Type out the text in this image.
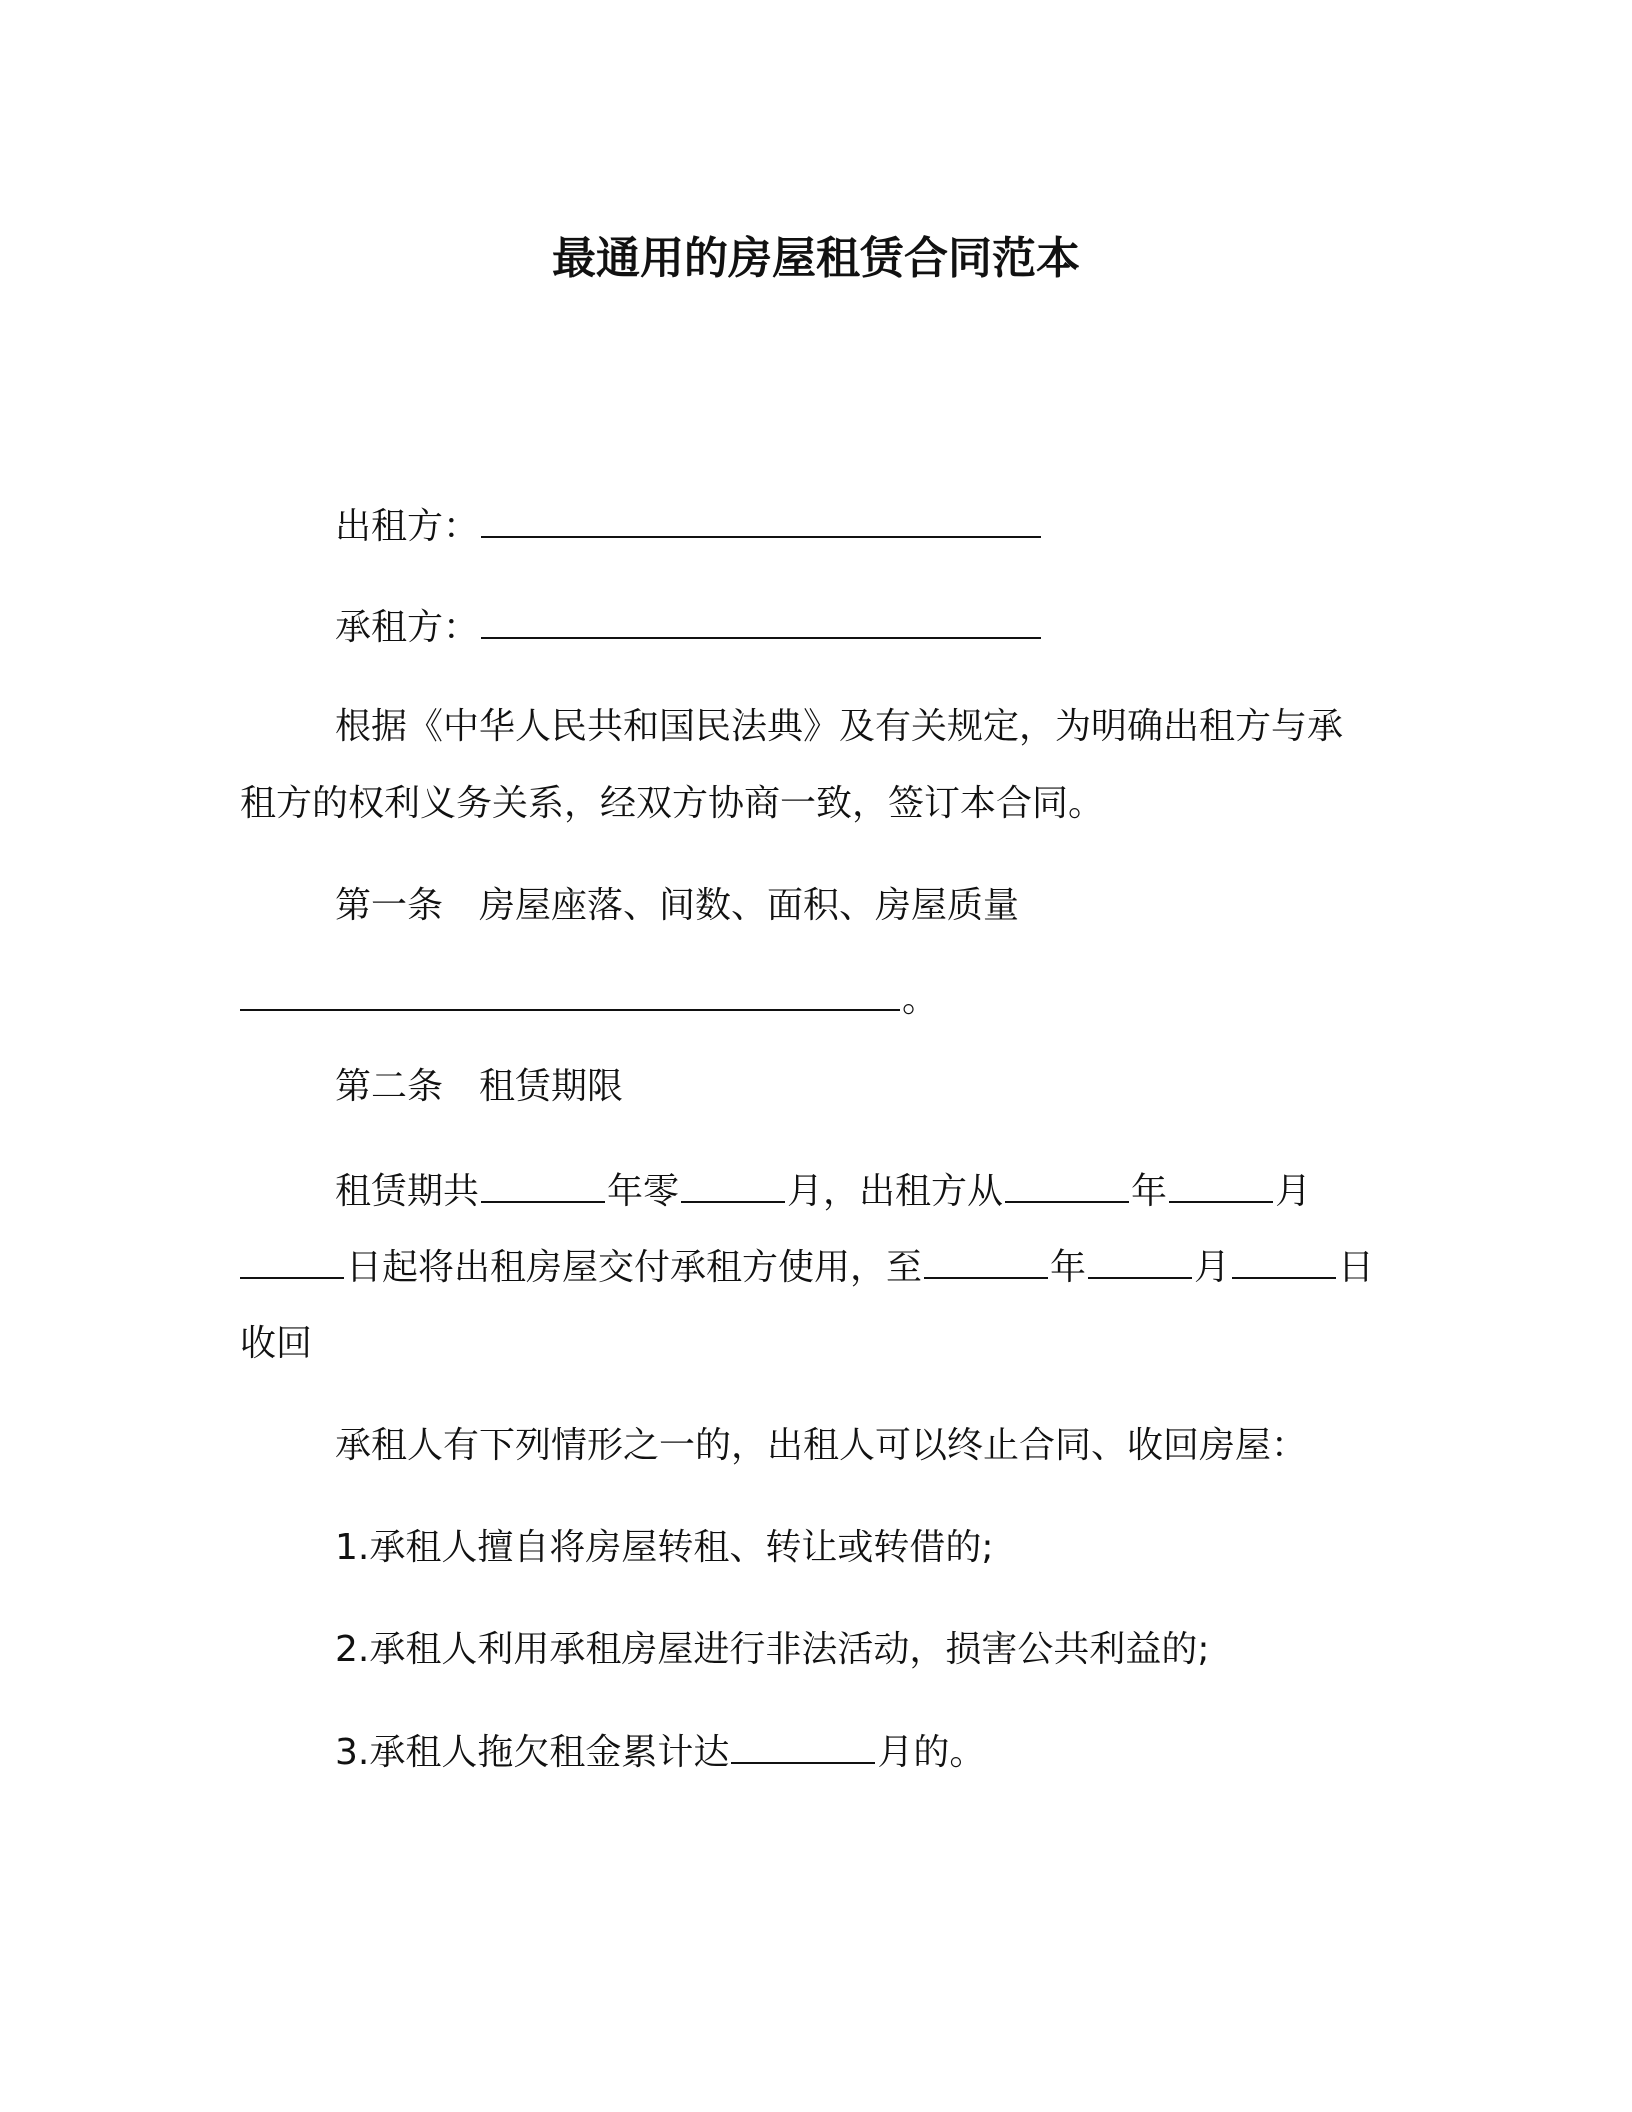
最通用的房屋租赁合同范本
出租方：
承租方：
根据《中华人民共和国民法典》及有关规定，为明确出租方与承
租方的权利义务关系，经双方协商一致，签订本合同。
第一条　房屋座落、间数、面积、房屋质量
。
第二条　租赁期限
租赁期共	年零	月，出租方从	年	月
日起将出租房屋交付承租方使用，至	年	月	日
收回
承租人有下列情形之一的，出租人可以终止合同、收回房屋：
1.承租人擅自将房屋转租、转让或转借的;
2.承租人利用承租房屋进行非法活动，损害公共利益的;
3.承租人拖欠租金累计达	月的。
